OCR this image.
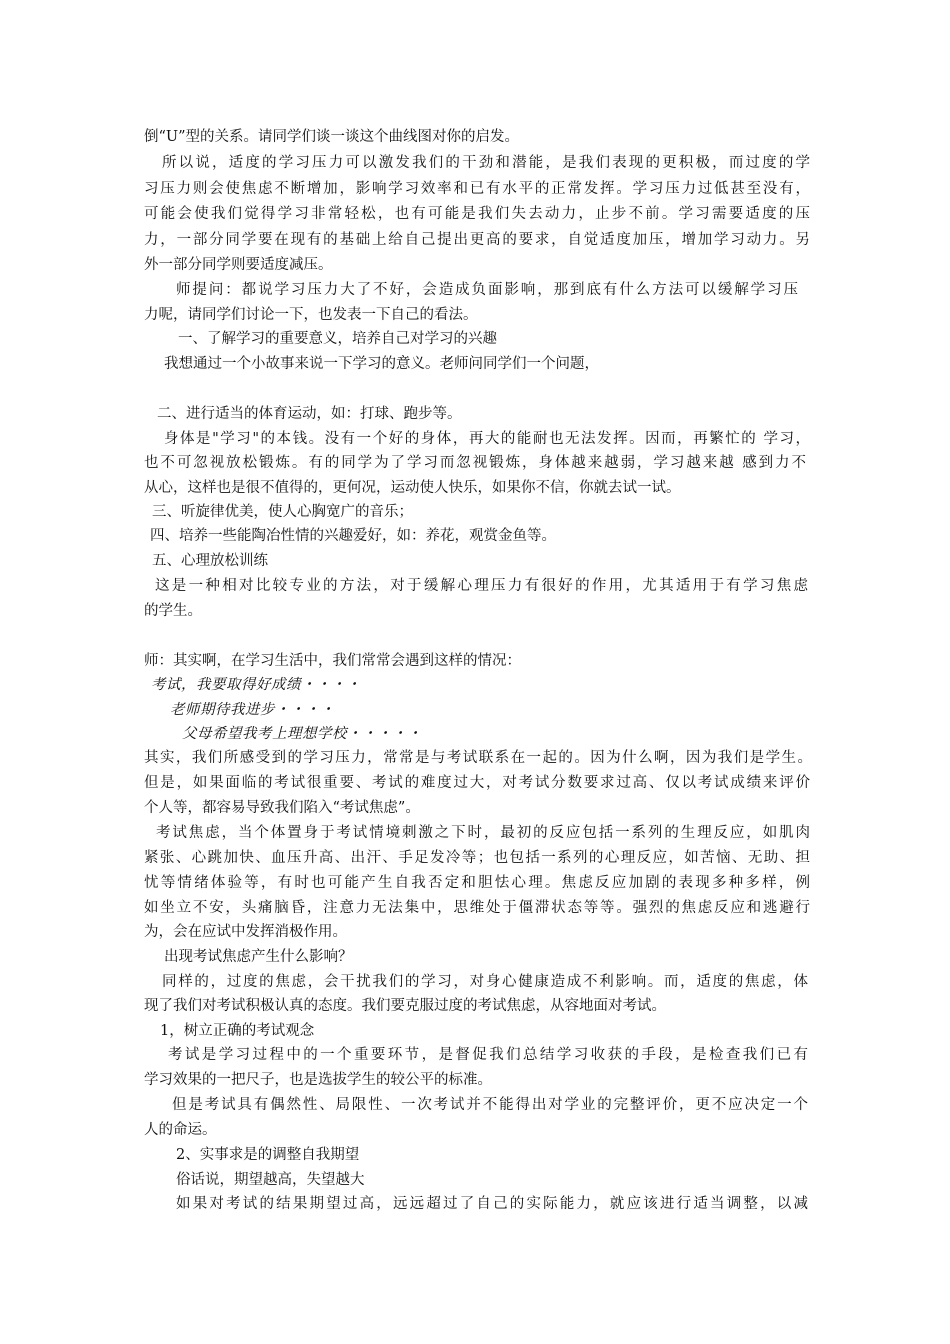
倒“U”型的关系。请同学们谈一谈这个曲线图对你的启发。
所以说，适度的学习压力可以激发我们的干劲和潜能，是我们表现的更积极，而过度的学
习压力则会使焦虑不断增加，影响学习效率和已有水平的正常发挥。学习压力过低甚至没有，
可能会使我们觉得学习非常轻松，也有可能是我们失去动力，止步不前。学习需要适度的压
力，一部分同学要在现有的基础上给自己提出更高的要求，自觉适度加压，增加学习动力。另
外一部分同学则要适度减压。
师提问：都说学习压力大了不好，会造成负面影响，那到底有什么方法可以缓解学习压
力呢，请同学们讨论一下，也发表一下自己的看法。
一、了解学习的重要意义，培养自己对学习的兴趣
我想通过一个小故事来说一下学习的意义。老师问同学们一个问题，
二、进行适当的体育运动，如：打球、跑步等。
身体是"学习"的本钱。没有一个好的身体，再大的能耐也无法发挥。因而，再繁忙的 学习，
也不可忽视放松锻炼。有的同学为了学习而忽视锻炼，身体越来越弱，学习越来越 感到力不
从心，这样也是很不值得的，更何况，运动使人快乐，如果你不信，你就去试一试。
三、听旋律优美，使人心胸宽广的音乐；
四、培养一些能陶冶性情的兴趣爱好，如：养花，观赏金鱼等。
五、心理放松训练
这是一种相对比较专业的方法，对于缓解心理压力有很好的作用，尤其适用于有学习焦虑
的学生。
师：其实啊，在学习生活中，我们常常会遇到这样的情况：
考试，我要取得好成绩・・・・
老师期待我进步・・・・
父母希望我考上理想学校・・・・・
其实，我们所感受到的学习压力，常常是与考试联系在一起的。因为什么啊，因为我们是学生。
但是，如果面临的考试很重要、考试的难度过大，对考试分数要求过高、仅以考试成绩来评价
个人等，都容易导致我们陷入“考试焦虑”。
考试焦虑，当个体置身于考试情境刺激之下时，最初的反应包括一系列的生理反应，如肌肉
紧张、心跳加快、血压升高、出汗、手足发冷等；也包括一系列的心理反应，如苦恼、无助、担
忧等情绪体验等，有时也可能产生自我否定和胆怯心理。焦虑反应加剧的表现多种多样，例
如坐立不安，头痛脑昏，注意力无法集中，思维处于僵滞状态等等。强烈的焦虑反应和逃避行
为，会在应试中发挥消极作用。
出现考试焦虑产生什么影响？
同样的，过度的焦虑，会干扰我们的学习，对身心健康造成不利影响。而，适度的焦虑，体
现了我们对考试积极认真的态度。我们要克服过度的考试焦虑，从容地面对考试。
1，树立正确的考试观念
考试是学习过程中的一个重要环节，是督促我们总结学习收获的手段，是检查我们已有
学习效果的一把尺子，也是选拔学生的较公平的标准。
但是考试具有偶然性、局限性、一次考试并不能得出对学业的完整评价，更不应决定一个
人的命运。
2、实事求是的调整自我期望
俗话说，期望越高，失望越大
如果对考试的结果期望过高，远远超过了自己的实际能力，就应该进行适当调整，以减
